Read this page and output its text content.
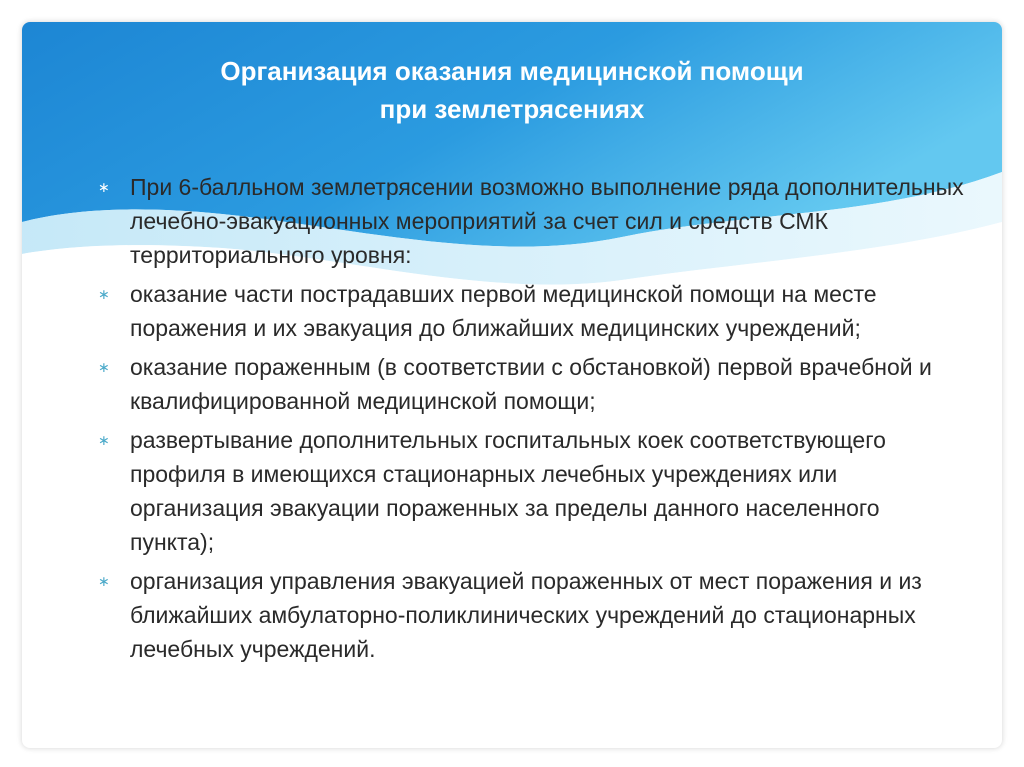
Организация оказания медицинской помощи
при землетрясениях
∗ При 6-балльном землетрясении возможно выполнение ряда дополнительных лечебно-эвакуационных мероприятий за счет сил и средств СМК территориального уровня:
∗ оказание части пострадавших первой медицинской помощи на месте поражения и их эвакуация до ближайших медицинских учреждений;
∗ оказание пораженным (в соответствии с обстановкой) первой врачебной и квалифицированной медицинской помощи;
∗ развертывание дополнительных госпитальных коек соответствующего профиля в имеющихся стационарных лечебных учреждениях или организация эвакуации пораженных за пределы данного населенного пункта);
∗ организация управления эвакуацией пораженных от мест поражения и из ближайших амбулаторно-поликлинических учреждений до стационарных лечебных учреждений.
